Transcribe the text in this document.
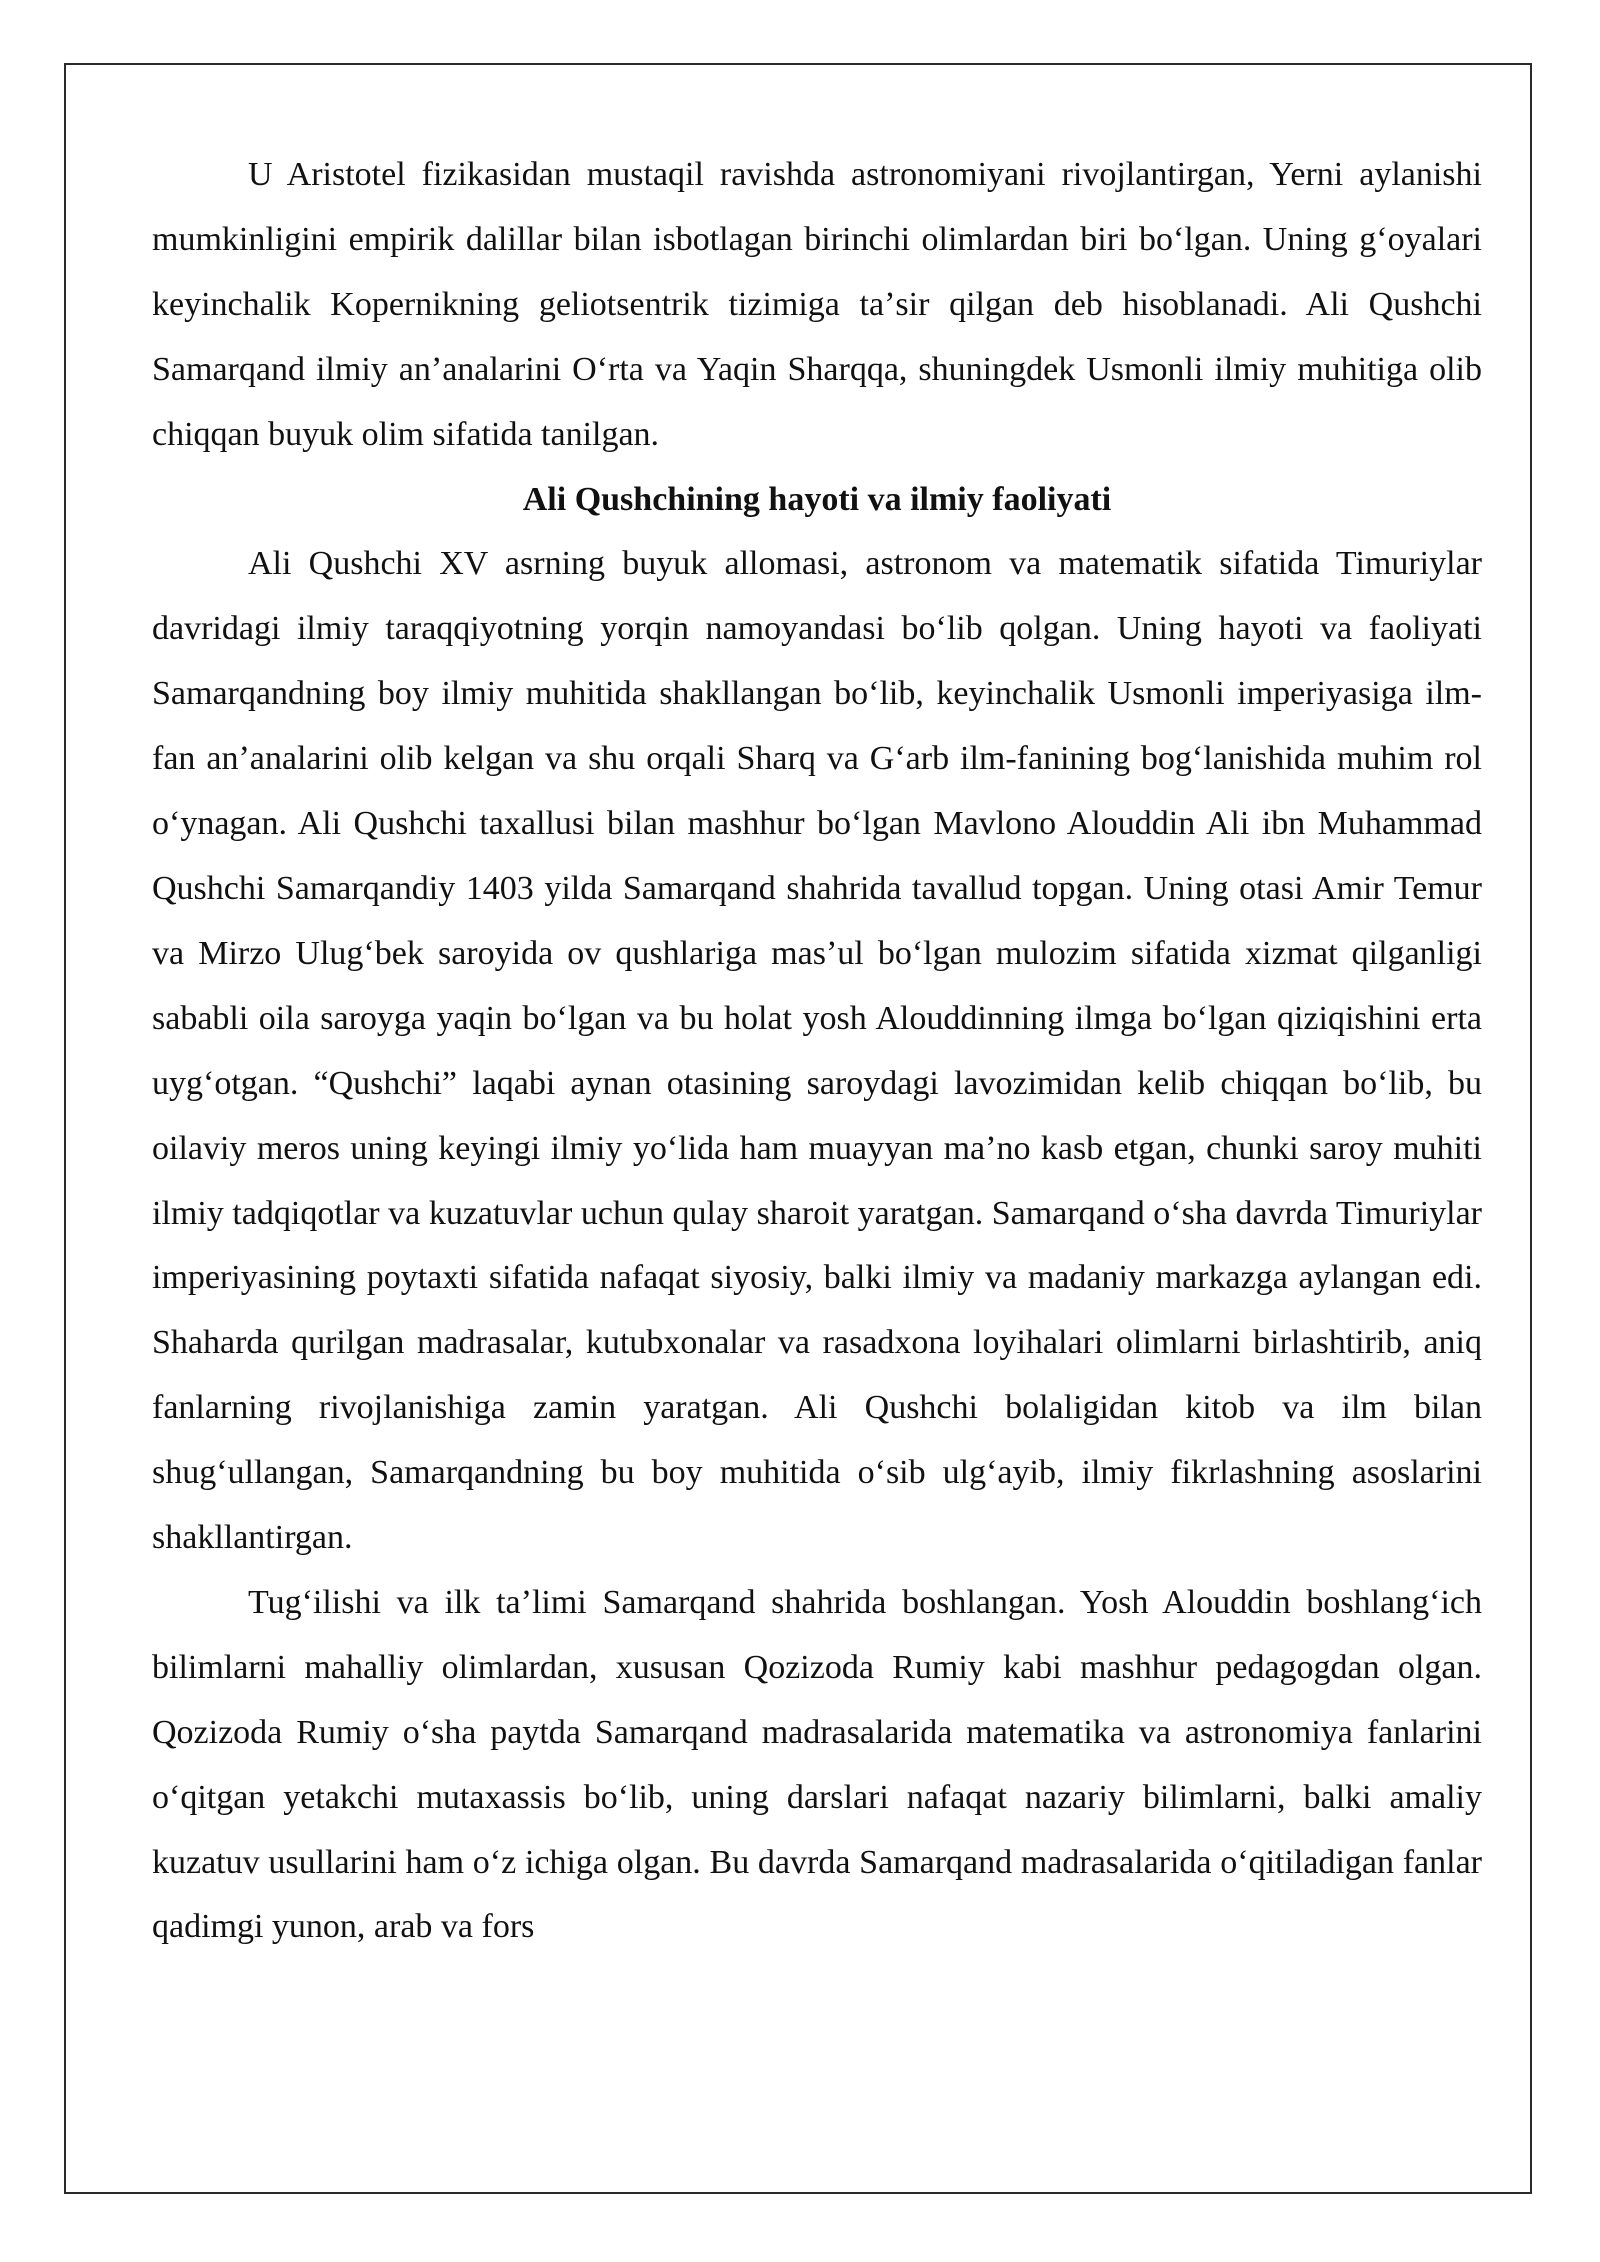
U Aristotel fizikasidan mustaqil ravishda astronomiyani rivojlantirgan, Yerni aylanishi mumkinligini empirik dalillar bilan isbotlagan birinchi olimlardan biri boʻlgan. Uning gʻoyalari keyinchalik Kopernikning geliotsentrik tizimiga taʼsir qilgan deb hisoblanadi. Ali Qushchi Samarqand ilmiy anʼanalarini Oʻrta va Yaqin Sharqqa, shuningdek Usmonli ilmiy muhitiga olib chiqqan buyuk olim sifatida tanilgan.

Ali Qushchining hayoti va ilmiy faoliyati

Ali Qushchi XV asrning buyuk allomasi, astronom va matematik sifatida Timuriylar davridagi ilmiy taraqqiyotning yorqin namoyandasi boʻlib qolgan. Uning hayoti va faoliyati Samarqandning boy ilmiy muhitida shakllangan boʻlib, keyinchalik Usmonli imperiyasiga ilm-fan anʼanalarini olib kelgan va shu orqali Sharq va Gʻarb ilm-fanining bogʻlanishida muhim rol oʻynagan. Ali Qushchi taxallusi bilan mashhur boʻlgan Mavlono Alouddin Ali ibn Muhammad Qushchi Samarqandiy 1403 yilda Samarqand shahrida tavallud topgan. Uning otasi Amir Temur va Mirzo Ulugʻbek saroyida ov qushlariga masʼul boʻlgan mulozim sifatida xizmat qilganligi sababli oila saroyga yaqin boʻlgan va bu holat yosh Alouddinning ilmga boʻlgan qiziqishini erta uygʻotgan. “Qushchi” laqabi aynan otasining saroydagi lavozimidan kelib chiqqan boʻlib, bu oilaviy meros uning keyingi ilmiy yoʻlida ham muayyan maʼno kasb etgan, chunki saroy muhiti ilmiy tadqiqotlar va kuzatuvlar uchun qulay sharoit yaratgan. Samarqand oʻsha davrda Timuriylar imperiyasining poytaxti sifatida nafaqat siyosiy, balki ilmiy va madaniy markazga aylangan edi. Shaharda qurilgan madrasalar, kutubxonalar va rasadxona loyihalari olimlarni birlashtirib, aniq fanlarning rivojlanishiga zamin yaratgan. Ali Qushchi bolaligidan kitob va ilm bilan shugʻullangan, Samarqandning bu boy muhitida oʻsib ulgʻayib, ilmiy fikrlashning asoslarini shakllantirgan.

Tugʻilishi va ilk taʼlimi Samarqand shahrida boshlangan. Yosh Alouddin boshlangʻich bilimlarni mahalliy olimlardan, xususan Qozizoda Rumiy kabi mashhur pedagogdan olgan. Qozizoda Rumiy oʻsha paytda Samarqand madrasalarida matematika va astronomiya fanlarini oʻqitgan yetakchi mutaxassis boʻlib, uning darslari nafaqat nazariy bilimlarni, balki amaliy kuzatuv usullarini ham oʻz ichiga olgan. Bu davrda Samarqand madrasalarida oʻqitiladigan fanlar qadimgi yunon, arab va fors
